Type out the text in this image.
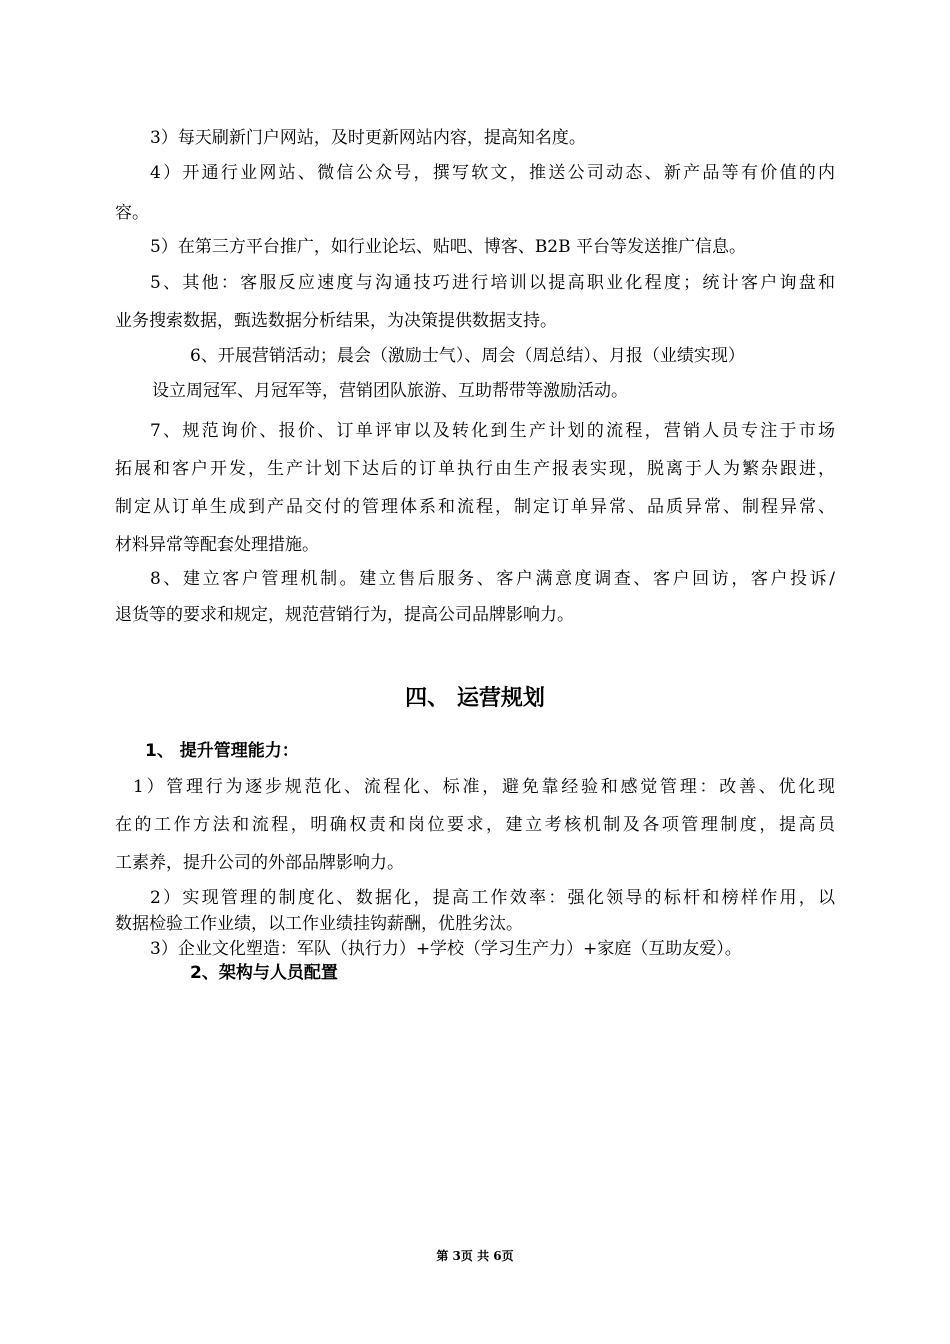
3）每天刷新门户网站，及时更新网站内容，提高知名度。
4）开通行业网站、微信公众号，撰写软文，推送公司动态、新产品等有价值的内
容。
5）在第三方平台推广，如行业论坛、贴吧、博客、B2B 平台等发送推广信息。
5、其他：客服反应速度与沟通技巧进行培训以提高职业化程度；统计客户询盘和
业务搜索数据，甄选数据分析结果，为决策提供数据支持。
6、开展营销活动；晨会（激励士气）、周会（周总结）、月报（业绩实现）
设立周冠军、月冠军等，营销团队旅游、互助帮带等激励活动。
7、规范询价、报价、订单评审以及转化到生产计划的流程，营销人员专注于市场
拓展和客户开发，生产计划下达后的订单执行由生产报表实现，脱离于人为繁杂跟进，
制定从订单生成到产品交付的管理体系和流程，制定订单异常、品质异常、制程异常、
材料异常等配套处理措施。
8、建立客户管理机制。建立售后服务、客户满意度调查、客户回访，客户投诉/
退货等的要求和规定，规范营销行为，提高公司品牌影响力。
四、 运营规划
1、 提升管理能力：
1）管理行为逐步规范化、流程化、标准，避免靠经验和感觉管理：改善、优化现
在的工作方法和流程，明确权责和岗位要求，建立考核机制及各项管理制度，提高员
工素养，提升公司的外部品牌影响力。
2）实现管理的制度化、数据化，提高工作效率：强化领导的标杆和榜样作用，以
数据检验工作业绩，以工作业绩挂钩薪酬，优胜劣汰。
3）企业文化塑造：军队（执行力）+学校（学习生产力）+家庭（互助友爱）。
2、架构与人员配置
第 3页 共 6页
